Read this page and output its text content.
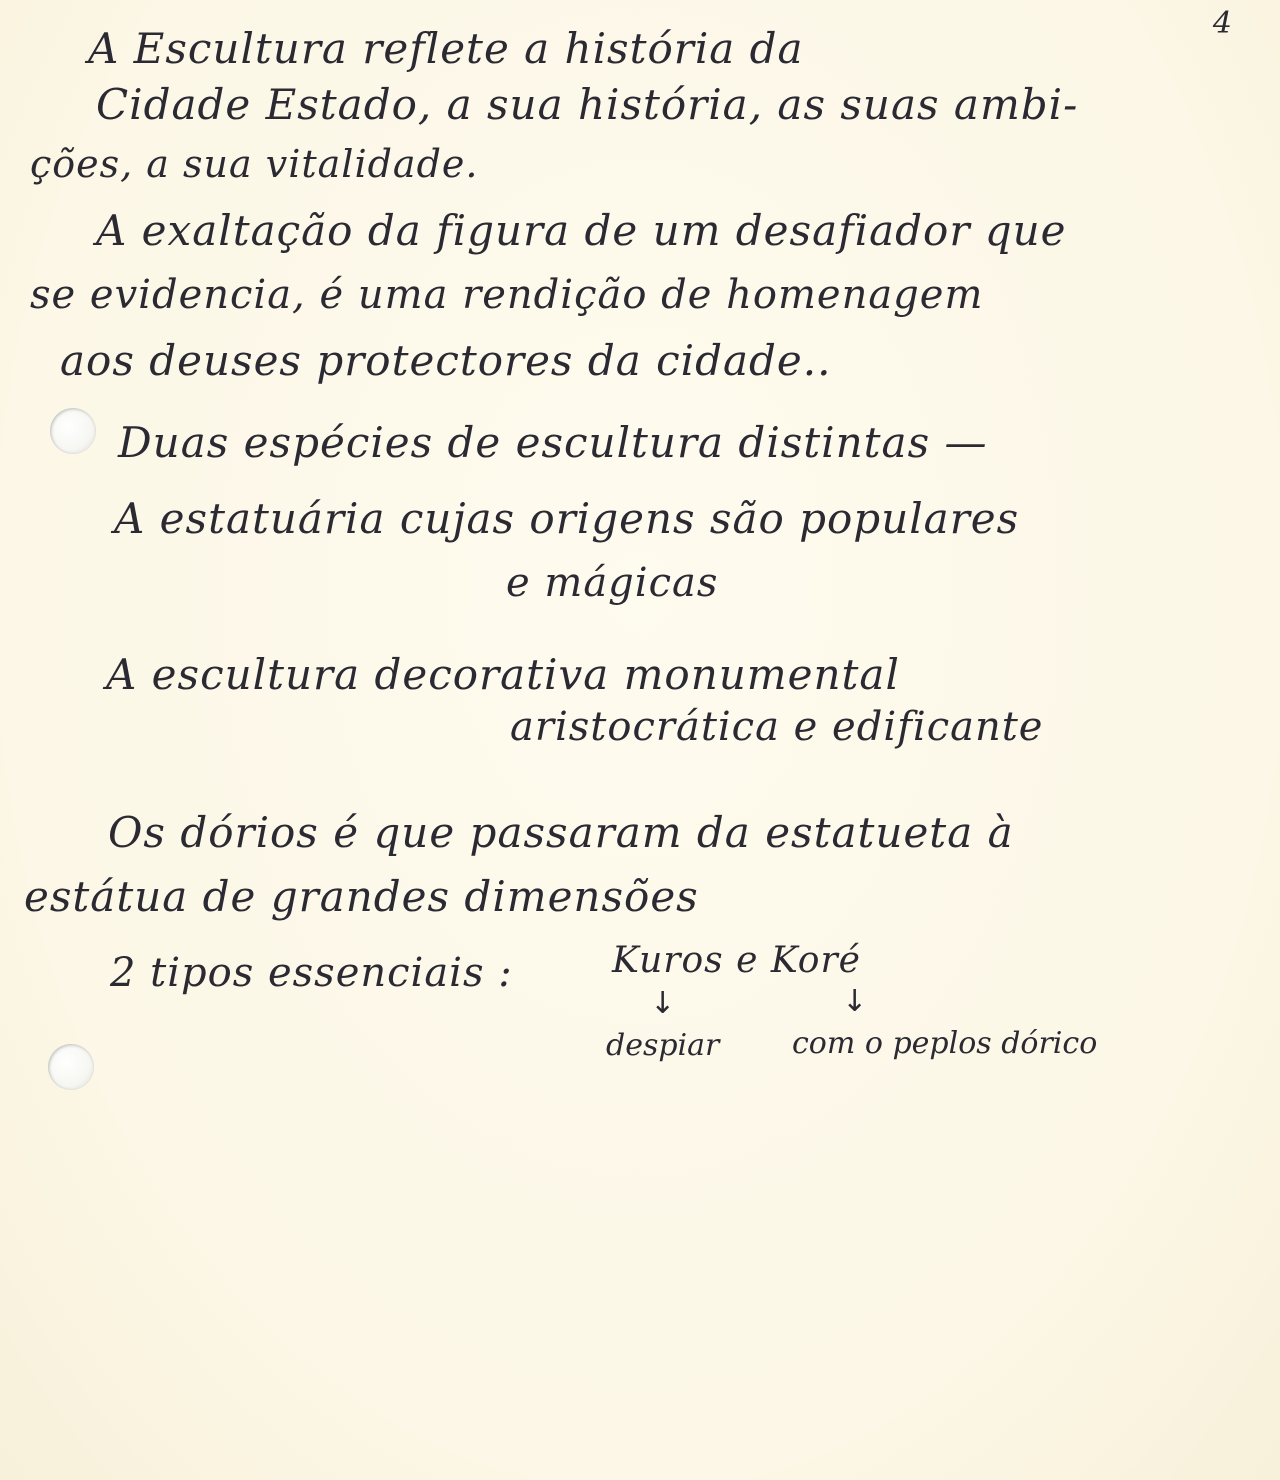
4
A Escultura reflete a história da
Cidade Estado, a sua história, as suas ambi-
ções, a sua vitalidade.
A exaltação da figura de um desafiador que
se evidencia, é uma rendição de homenagem
aos deuses protectores da cidade..
Duas espécies de escultura distintas —
A estatuária cujas origens são populares
e mágicas
A escultura decorativa monumental
aristocrática e edificante
Os dórios é que passaram da estatueta à
estátua de grandes dimensões
2 tipos essenciais :	Kuros e Koré
↓	↓
despiar com o peplos dórico
